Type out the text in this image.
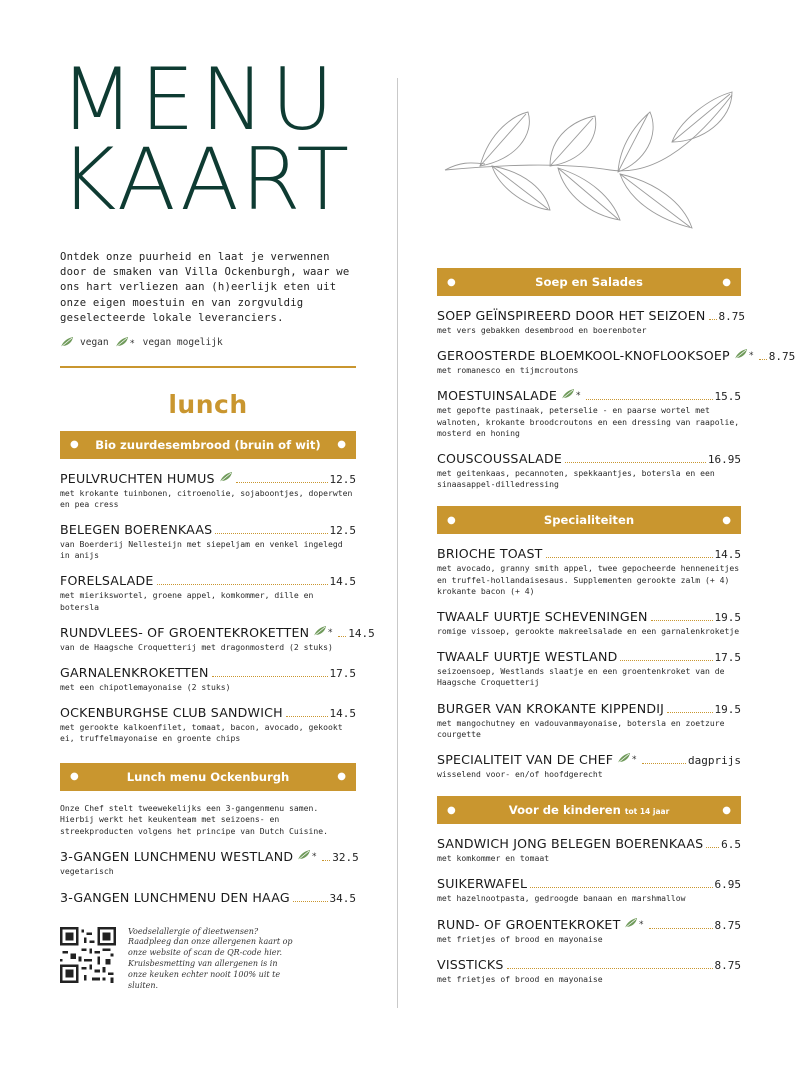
MENU
KAART

Ontdek onze puurheid en laat je verwennen door de smaken van Villa Ockenburgh, waar we ons hart verliezen aan (h)eerlijk eten uit onze eigen moestuin en van zorgvuldig geselecteerde lokale leveranciers.

vegan * vegan mogelijk
lunch
● Bio zuurdesembrood (bruin of wit) ●
PEULVRUCHTEN HUMUS	12.5
met krokante tuinbonen, citroenolie, sojaboontjes, doperwten en pea cress
BELEGEN BOERENKAAS	12.5
van Boerderij Nellesteijn met siepeljam en venkel ingelegd in anijs
FORELSALADE	14.5
met mierikswortel, groene appel, komkommer, dille en botersla
RUNDVLEES- OF GROENTEKROKETTEN * 14.5
van de Haagsche Croquetterij met dragonmosterd (2 stuks)
GARNALENKROKETTEN	17.5
met een chipotlemayonaise (2 stuks)
OCKENBURGHSE CLUB SANDWICH	14.5
met gerookte kalkoenfilet, tomaat, bacon, avocado, gekookt ei, truffelmayonaise en groente chips
●	Lunch menu Ockenburgh	●

Onze Chef stelt tweewekelijks een 3-gangenmenu samen. Hierbij werkt het keukenteam met seizoens- en streekproducten volgens het principe van Dutch Cuisine.

3-GANGEN LUNCHMENU WESTLAND * 32.5
vegetarisch
3-GANGEN LUNCHMENU DEN HAAG	34.5

Voedselallergie of dieetwensen? Raadpleeg dan onze allergenen kaart op onze website of scan de QR-code hier. Kruisbesmetting van allergenen is in onze keuken echter nooit 100% uit te sluiten.

●	Soep en Salades	●
SOEP GEÏNSPIREERD DOOR HET SEIZOEN 8.75
met vers gebakken desembrood en boerenboter
GEROOSTERDE BLOEMKOOL-KNOFLOOKSOEP * 8.75
met romanesco en tijmcroutons
MOESTUINSALADE *	15.5
met gepofte pastinaak, peterselie - en paarse wortel met walnoten, krokante broodcroutons en een dressing van raapolie, mosterd en honing
COUSCOUSSALADE	16.95
met geitenkaas, pecannoten, spekkaantjes, botersla en een sinaasappel-dilledressing
●	Specialiteiten	●
BRIOCHE TOAST	14.5
met avocado, granny smith appel, twee gepocheerde henneneitjes en truffel-hollandaisesaus. Supplementen gerookte zalm (+ 4) krokante bacon (+ 4)
TWAALF UURTJE SCHEVENINGEN	19.5
romige vissoep, gerookte makreelsalade en een garnalenkroketje
TWAALF UURTJE WESTLAND	17.5
seizoensoep, Westlands slaatje en een groentenkroket van de Haagsche Croquetterij
BURGER VAN KROKANTE KIPPENDIJ	19.5
met mangochutney en vadouvanmayonaise, botersla en zoetzure courgette
SPECIALITEIT VAN DE CHEF *	dagprijs
wisselend voor- en/of hoofdgerecht
●	Voor de kinderen tot 14 jaar	●
SANDWICH JONG BELEGEN BOERENKAAS 6.5
met komkommer en tomaat
SUIKERWAFEL	6.95
met hazelnootpasta, gedroogde banaan en marshmallow
RUND- OF GROENTEKROKET *	8.75
met frietjes of brood en mayonaise
VISSTICKS	8.75
met frietjes of brood en mayonaise
